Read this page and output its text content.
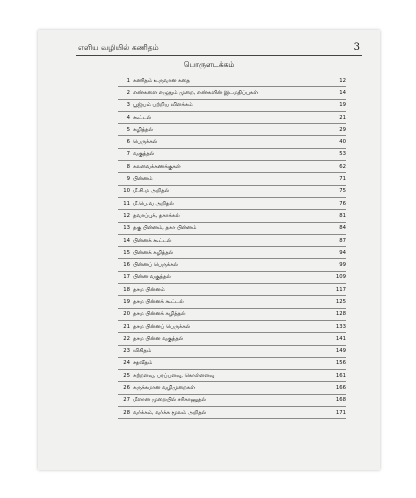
எளிய வழியில் கணிதம்	3
பொருளடக்கம்
1 கணிதம் உருவான கதை	12
2 எண்களை எழுதும் முறை, எண்களின் இடமதிப்புகள்	14
3 பூஜ்யம் பற்றிய விளக்கம்	19
4 கூட்டல்	21
5 கழித்தல்	29
6 பெருக்கல்	40
7 வகுத்தல்	53
8 கலவைக்கணக்குகள்	62
9 பின்னம்	71
10 மீ.சி.ம அறிதல்	75
11 மீ.பெ.வ அறிதல்	76
12 தவாப்புக், தகாக்கல்	81
13 தகு பின்னம், தகா பின்னம்	84
14 பின்னக் கூட்டல்	87
15 பின்னக் கழித்தல்	94
16 பின்னப் பெருக்கல்	99
17 பின்ன வகுத்தல்	109
18 தசம பின்னம்	117
19 தசம பின்னக் கூட்டல்	125
20 தசம பின்னக் கழித்தல்	128
21 தசம பின்னப் பெருக்கல்	133
22 தசம பின்ன வகுத்தல்	141
23 விகிதம்	149
24 சதவீதம்	156
25 சுற்றளவு, பரப்பளவு, கொள்ளளவு	161
26 சுருக்கமான வழிமுறைகள்	166
27 மீளான முறையில் சரிகாணுதல்	168
28 வர்க்கம், வர்க்க மூலம் அறிதல்	171
